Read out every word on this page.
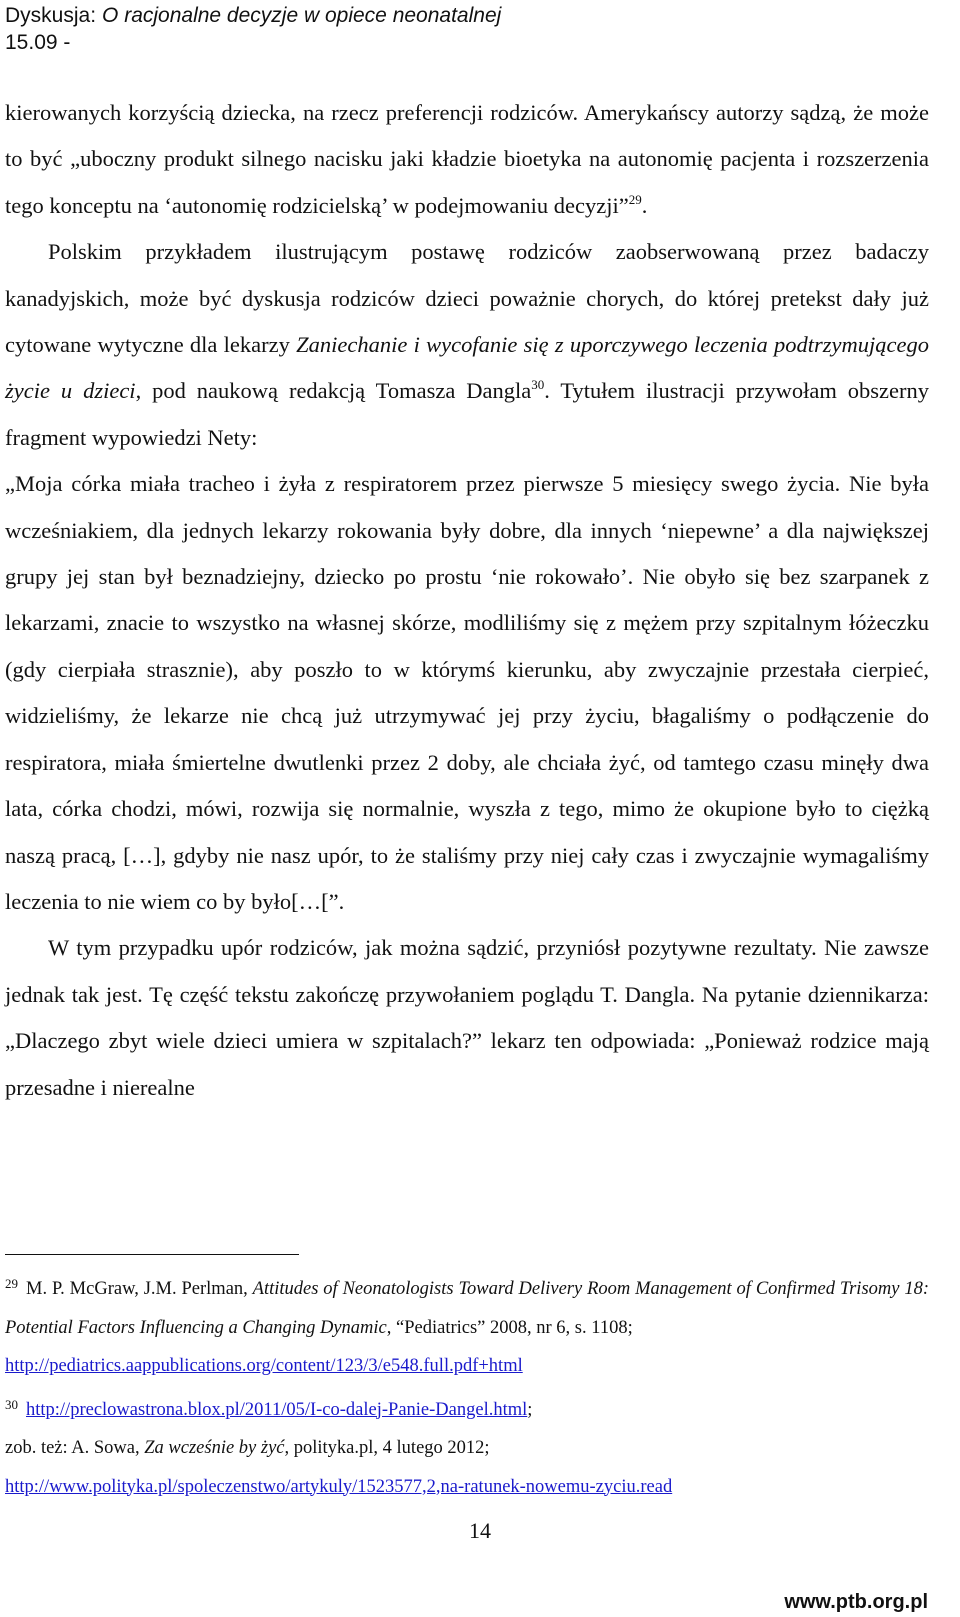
Dyskusja: O racjonalne decyzje w opiece neonatalnej
15.09 -

kierowanych korzyścią dziecka, na rzecz preferencji rodziców. Amerykańscy autorzy sądzą, że może to być „uboczny produkt silnego nacisku jaki kładzie bioetyka na autonomię pacjenta i rozszerzenia tego konceptu na ‘autonomię rodzicielską’ w podejmowaniu decyzji”$^{29}$.

Polskim przykładem ilustrującym postawę rodziców zaobserwowaną przez badaczy kanadyjskich, może być dyskusja rodziców dzieci poważnie chorych, do której pretekst dały już cytowane wytyczne dla lekarzy Zaniechanie i wycofanie się z uporczywego leczenia podtrzymującego życie u dzieci, pod naukową redakcją Tomasza Dangla$^{30}$. Tytułem ilustracji przywołam obszerny fragment wypowiedzi Nety:

„Moja córka miała tracheo i żyła z respiratorem przez pierwsze 5 miesięcy swego życia. Nie była wcześniakiem, dla jednych lekarzy rokowania były dobre, dla innych ‘niepewne’ a dla największej grupy jej stan był beznadziejny, dziecko po prostu ‘nie rokowało’. Nie obyło się bez szarpanek z lekarzami, znacie to wszystko na własnej skórze, modliliśmy się z mężem przy szpitalnym łóżeczku (gdy cierpiała strasznie), aby poszło to w którymś kierunku, aby zwyczajnie przestała cierpieć, widzieliśmy, że lekarze nie chcą już utrzymywać jej przy życiu, błagaliśmy o podłączenie do respiratora, miała śmiertelne dwutlenki przez 2 doby, ale chciała żyć, od tamtego czasu minęły dwa lata, córka chodzi, mówi, rozwija się normalnie, wyszła z tego, mimo że okupione było to ciężką naszą pracą, […], gdyby nie nasz upór, to że staliśmy przy niej cały czas i zwyczajnie wymagaliśmy leczenia to nie wiem co by było[…[”.

W tym przypadku upór rodziców, jak można sądzić, przyniósł pozytywne rezultaty. Nie zawsze jednak tak jest. Tę część tekstu zakończę przywołaniem poglądu T. Dangla. Na pytanie dziennikarza: „Dlaczego zbyt wiele dzieci umiera w szpitalach?” lekarz ten odpowiada: „Ponieważ rodzice mają przesadne i nierealne

$^{29}$ M. P. McGraw, J.M. Perlman, Attitudes of Neonatologists Toward Delivery Room Management of Confirmed Trisomy 18: Potential Factors Influencing a Changing Dynamic, “Pediatrics” 2008, nr 6, s. 1108;
http://pediatrics.aappublications.org/content/123/3/e548.full.pdf+html

$^{30}$ http://preclowastrona.blox.pl/2011/05/I-co-dalej-Panie-Dangel.html;

zob. też: A. Sowa, Za wcześnie by żyć, polityka.pl, 4 lutego 2012;

http://www.polityka.pl/spoleczenstwo/artykuly/1523577,2,na-ratunek-nowemu-zyciu.read

14
www.ptb.org.pl
